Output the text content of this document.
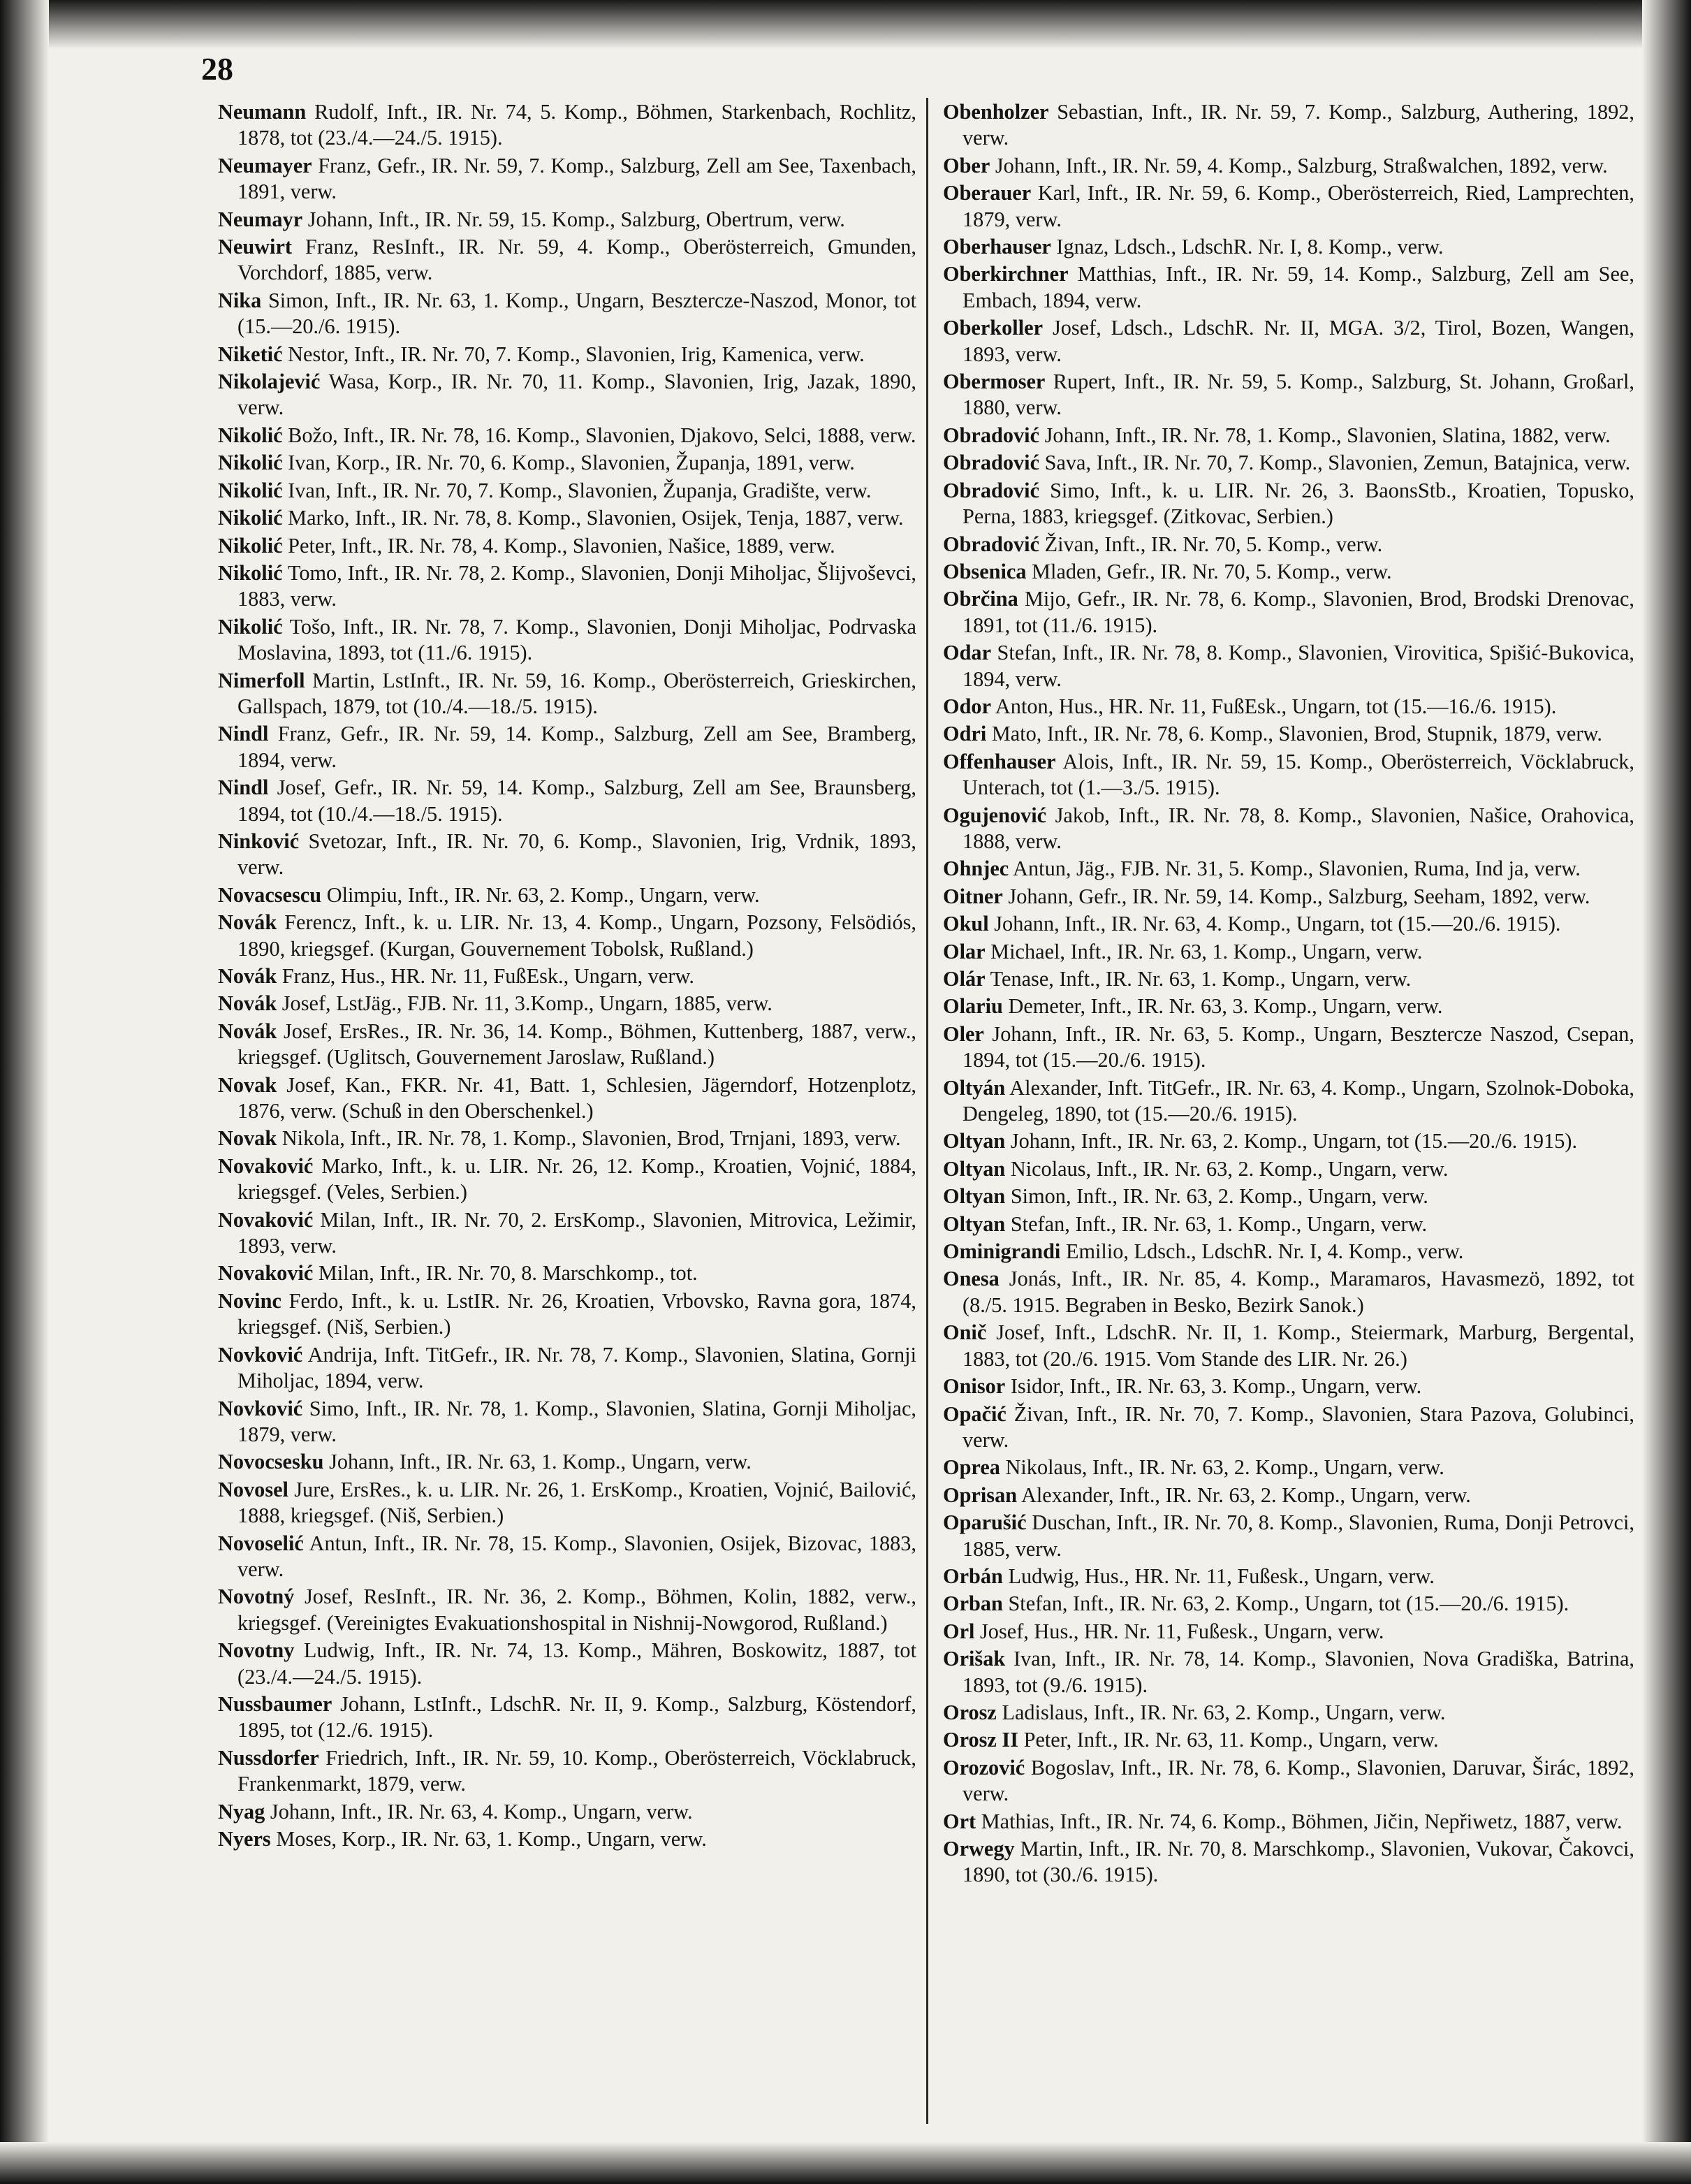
28

Neumann Rudolf, Inft., IR. Nr. 74, 5. Komp., Böhmen, Starkenbach, Rochlitz, 1878, tot (23./4.—24./5. 1915).

Neumayer Franz, Gefr., IR. Nr. 59, 7. Komp., Salzburg, Zell am See, Taxenbach, 1891, verw.

Neumayr Johann, Inft., IR. Nr. 59, 15. Komp., Salzburg, Obertrum, verw.

Neuwirt Franz, ResInft., IR. Nr. 59, 4. Komp., Oberösterreich, Gmunden, Vorchdorf, 1885, verw.

Nika Simon, Inft., IR. Nr. 63, 1. Komp., Ungarn, Besztercze-Naszod, Monor, tot (15.—20./6. 1915).

Niketić Nestor, Inft., IR. Nr. 70, 7. Komp., Slavonien, Irig, Kamenica, verw.

Nikolajević Wasa, Korp., IR. Nr. 70, 11. Komp., Slavonien, Irig, Jazak, 1890, verw.

Nikolić Božo, Inft., IR. Nr. 78, 16. Komp., Slavonien, Djakovo, Selci, 1888, verw.

Nikolić Ivan, Korp., IR. Nr. 70, 6. Komp., Slavonien, Županja, 1891, verw.

Nikolić Ivan, Inft., IR. Nr. 70, 7. Komp., Slavonien, Županja, Gradište, verw.

Nikolić Marko, Inft., IR. Nr. 78, 8. Komp., Slavonien, Osijek, Tenja, 1887, verw.

Nikolić Peter, Inft., IR. Nr. 78, 4. Komp., Slavonien, Našice, 1889, verw.

Nikolić Tomo, Inft., IR. Nr. 78, 2. Komp., Slavonien, Donji Miholjac, Šlijvoševci, 1883, verw.

Nikolić Tošo, Inft., IR. Nr. 78, 7. Komp., Slavonien, Donji Miholjac, Podrvaska Moslavina, 1893, tot (11./6. 1915).

Nimerfoll Martin, LstInft., IR. Nr. 59, 16. Komp., Oberösterreich, Grieskirchen, Gallspach, 1879, tot (10./4.—18./5. 1915).

Nindl Franz, Gefr., IR. Nr. 59, 14. Komp., Salzburg, Zell am See, Bramberg, 1894, verw.

Nindl Josef, Gefr., IR. Nr. 59, 14. Komp., Salzburg, Zell am See, Braunsberg, 1894, tot (10./4.—18./5. 1915).

Ninković Svetozar, Inft., IR. Nr. 70, 6. Komp., Slavonien, Irig, Vrdnik, 1893, verw.

Novacsescu Olimpiu, Inft., IR. Nr. 63, 2. Komp., Ungarn, verw.

Novák Ferencz, Inft., k. u. LIR. Nr. 13, 4. Komp., Ungarn, Pozsony, Felsödiós, 1890, kriegsgef. (Kurgan, Gouvernement Tobolsk, Rußland.)

Novák Franz, Hus., HR. Nr. 11, FußEsk., Ungarn, verw.

Novák Josef, LstJäg., FJB. Nr. 11, 3.Komp., Ungarn, 1885, verw.

Novák Josef, ErsRes., IR. Nr. 36, 14. Komp., Böhmen, Kuttenberg, 1887, verw., kriegsgef. (Uglitsch, Gouvernement Jaroslaw, Rußland.)

Novak Josef, Kan., FKR. Nr. 41, Batt. 1, Schlesien, Jägerndorf, Hotzenplotz, 1876, verw. (Schuß in den Oberschenkel.)

Novak Nikola, Inft., IR. Nr. 78, 1. Komp., Slavonien, Brod, Trnjani, 1893, verw.

Novaković Marko, Inft., k. u. LIR. Nr. 26, 12. Komp., Kroatien, Vojnić, 1884, kriegsgef. (Veles, Serbien.)

Novaković Milan, Inft., IR. Nr. 70, 2. ErsKomp., Slavonien, Mitrovica, Ležimir, 1893, verw.

Novaković Milan, Inft., IR. Nr. 70, 8. Marschkomp., tot.

Novinc Ferdo, Inft., k. u. LstIR. Nr. 26, Kroatien, Vrbovsko, Ravna gora, 1874, kriegsgef. (Niš, Serbien.)

Novković Andrija, Inft. TitGefr., IR. Nr. 78, 7. Komp., Slavonien, Slatina, Gornji Miholjac, 1894, verw.

Novković Simo, Inft., IR. Nr. 78, 1. Komp., Slavonien, Slatina, Gornji Miholjac, 1879, verw.

Novocsesku Johann, Inft., IR. Nr. 63, 1. Komp., Ungarn, verw.

Novosel Jure, ErsRes., k. u. LIR. Nr. 26, 1. ErsKomp., Kroatien, Vojnić, Bailović, 1888, kriegsgef. (Niš, Serbien.)

Novoselić Antun, Inft., IR. Nr. 78, 15. Komp., Slavonien, Osijek, Bizovac, 1883, verw.

Novotný Josef, ResInft., IR. Nr. 36, 2. Komp., Böhmen, Kolin, 1882, verw., kriegsgef. (Vereinigtes Evakuationshospital in Nishnij-Nowgorod, Rußland.)

Novotny Ludwig, Inft., IR. Nr. 74, 13. Komp., Mähren, Boskowitz, 1887, tot (23./4.—24./5. 1915).

Nussbaumer Johann, LstInft., LdschR. Nr. II, 9. Komp., Salzburg, Köstendorf, 1895, tot (12./6. 1915).

Nussdorfer Friedrich, Inft., IR. Nr. 59, 10. Komp., Oberösterreich, Vöcklabruck, Frankenmarkt, 1879, verw.

Nyag Johann, Inft., IR. Nr. 63, 4. Komp., Ungarn, verw.

Nyers Moses, Korp., IR. Nr. 63, 1. Komp., Ungarn, verw.

Obenholzer Sebastian, Inft., IR. Nr. 59, 7. Komp., Salzburg, Authering, 1892, verw.

Ober Johann, Inft., IR. Nr. 59, 4. Komp., Salzburg, Straßwalchen, 1892, verw.

Oberauer Karl, Inft., IR. Nr. 59, 6. Komp., Oberösterreich, Ried, Lamprechten, 1879, verw.

Oberhauser Ignaz, Ldsch., LdschR. Nr. I, 8. Komp., verw.

Oberkirchner Matthias, Inft., IR. Nr. 59, 14. Komp., Salzburg, Zell am See, Embach, 1894, verw.

Oberkoller Josef, Ldsch., LdschR. Nr. II, MGA. 3/2, Tirol, Bozen, Wangen, 1893, verw.

Obermoser Rupert, Inft., IR. Nr. 59, 5. Komp., Salzburg, St. Johann, Großarl, 1880, verw.

Obradović Johann, Inft., IR. Nr. 78, 1. Komp., Slavonien, Slatina, 1882, verw.

Obradović Sava, Inft., IR. Nr. 70, 7. Komp., Slavonien, Zemun, Batajnica, verw.

Obradović Simo, Inft., k. u. LIR. Nr. 26, 3. BaonsStb., Kroatien, Topusko, Perna, 1883, kriegsgef. (Zitkovac, Serbien.)

Obradović Živan, Inft., IR. Nr. 70, 5. Komp., verw.

Obsenica Mladen, Gefr., IR. Nr. 70, 5. Komp., verw.

Obrčina Mijo, Gefr., IR. Nr. 78, 6. Komp., Slavonien, Brod, Brodski Drenovac, 1891, tot (11./6. 1915).

Odar Stefan, Inft., IR. Nr. 78, 8. Komp., Slavonien, Virovitica, Spišić-Bukovica, 1894, verw.

Odor Anton, Hus., HR. Nr. 11, FußEsk., Ungarn, tot (15.—16./6. 1915).

Odri Mato, Inft., IR. Nr. 78, 6. Komp., Slavonien, Brod, Stupnik, 1879, verw.

Offenhauser Alois, Inft., IR. Nr. 59, 15. Komp., Oberösterreich, Vöcklabruck, Unterach, tot (1.—3./5. 1915).

Ogujenović Jakob, Inft., IR. Nr. 78, 8. Komp., Slavonien, Našice, Orahovica, 1888, verw.

Ohnjec Antun, Jäg., FJB. Nr. 31, 5. Komp., Slavonien, Ruma, Ind ja, verw.

Oitner Johann, Gefr., IR. Nr. 59, 14. Komp., Salzburg, Seeham, 1892, verw.

Okul Johann, Inft., IR. Nr. 63, 4. Komp., Ungarn, tot (15.—20./6. 1915).

Olar Michael, Inft., IR. Nr. 63, 1. Komp., Ungarn, verw.

Olár Tenase, Inft., IR. Nr. 63, 1. Komp., Ungarn, verw.

Olariu Demeter, Inft., IR. Nr. 63, 3. Komp., Ungarn, verw.

Oler Johann, Inft., IR. Nr. 63, 5. Komp., Ungarn, Besztercze Naszod, Csepan, 1894, tot (15.—20./6. 1915).

Oltyán Alexander, Inft. TitGefr., IR. Nr. 63, 4. Komp., Ungarn, Szolnok-Doboka, Dengeleg, 1890, tot (15.—20./6. 1915).

Oltyan Johann, Inft., IR. Nr. 63, 2. Komp., Ungarn, tot (15.—20./6. 1915).

Oltyan Nicolaus, Inft., IR. Nr. 63, 2. Komp., Ungarn, verw.

Oltyan Simon, Inft., IR. Nr. 63, 2. Komp., Ungarn, verw.

Oltyan Stefan, Inft., IR. Nr. 63, 1. Komp., Ungarn, verw.

Ominigrandi Emilio, Ldsch., LdschR. Nr. I, 4. Komp., verw.

Onesa Jonás, Inft., IR. Nr. 85, 4. Komp., Maramaros, Havasmezö, 1892, tot (8./5. 1915. Begraben in Besko, Bezirk Sanok.)

Onič Josef, Inft., LdschR. Nr. II, 1. Komp., Steiermark, Marburg, Bergental, 1883, tot (20./6. 1915. Vom Stande des LIR. Nr. 26.)

Onisor Isidor, Inft., IR. Nr. 63, 3. Komp., Ungarn, verw.

Opačić Živan, Inft., IR. Nr. 70, 7. Komp., Slavonien, Stara Pazova, Golubinci, verw.

Oprea Nikolaus, Inft., IR. Nr. 63, 2. Komp., Ungarn, verw.

Oprisan Alexander, Inft., IR. Nr. 63, 2. Komp., Ungarn, verw.

Oparušić Duschan, Inft., IR. Nr. 70, 8. Komp., Slavonien, Ruma, Donji Petrovci, 1885, verw.

Orbán Ludwig, Hus., HR. Nr. 11, Fußesk., Ungarn, verw.

Orban Stefan, Inft., IR. Nr. 63, 2. Komp., Ungarn, tot (15.—20./6. 1915).

Orl Josef, Hus., HR. Nr. 11, Fußesk., Ungarn, verw.

Orišak Ivan, Inft., IR. Nr. 78, 14. Komp., Slavonien, Nova Gradiška, Batrina, 1893, tot (9./6. 1915).

Orosz Ladislaus, Inft., IR. Nr. 63, 2. Komp., Ungarn, verw.

Orosz II Peter, Inft., IR. Nr. 63, 11. Komp., Ungarn, verw.

Orozović Bogoslav, Inft., IR. Nr. 78, 6. Komp., Slavonien, Daruvar, Širác, 1892, verw.

Ort Mathias, Inft., IR. Nr. 74, 6. Komp., Böhmen, Jičin, Nepřiwetz, 1887, verw.

Orwegy Martin, Inft., IR. Nr. 70, 8. Marschkomp., Slavonien, Vukovar, Čakovci, 1890, tot (30./6. 1915).
